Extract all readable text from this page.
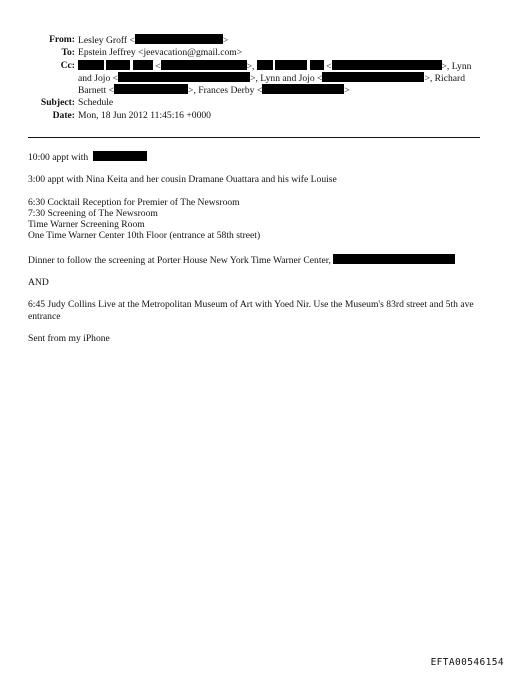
From: Lesley Groff <	>
To: Epstein Jeffrey <jeevacation@gmail.com>
Cc:	<	>,	<	>, Lynn
and Jojo <	>, Lynn and Jojo <	>, Richard
Barnett <	>, Frances Derby <	>
Subject: Schedule
Date: Mon, 18 Jun 2012 11:45:16 +0000
10:00 appt with
3:00 appt with Nina Keita and her cousin Dramane Ouattara and his wife Louise
6:30 Cocktail Reception for Premier of The Newsroom
7:30 Screening of The Newsroom
Time Warner Screening Room
One Time Warner Center 10th Floor (entrance at 58th street)
Dinner to follow the screening at Porter House New York Time Warner Center,
AND
6:45 Judy Collins Live at the Metropolitan Museum of Art with Yoed Nir. Use the Museum's 83rd street and 5th ave entrance
Sent from my iPhone
EFTA00546154
